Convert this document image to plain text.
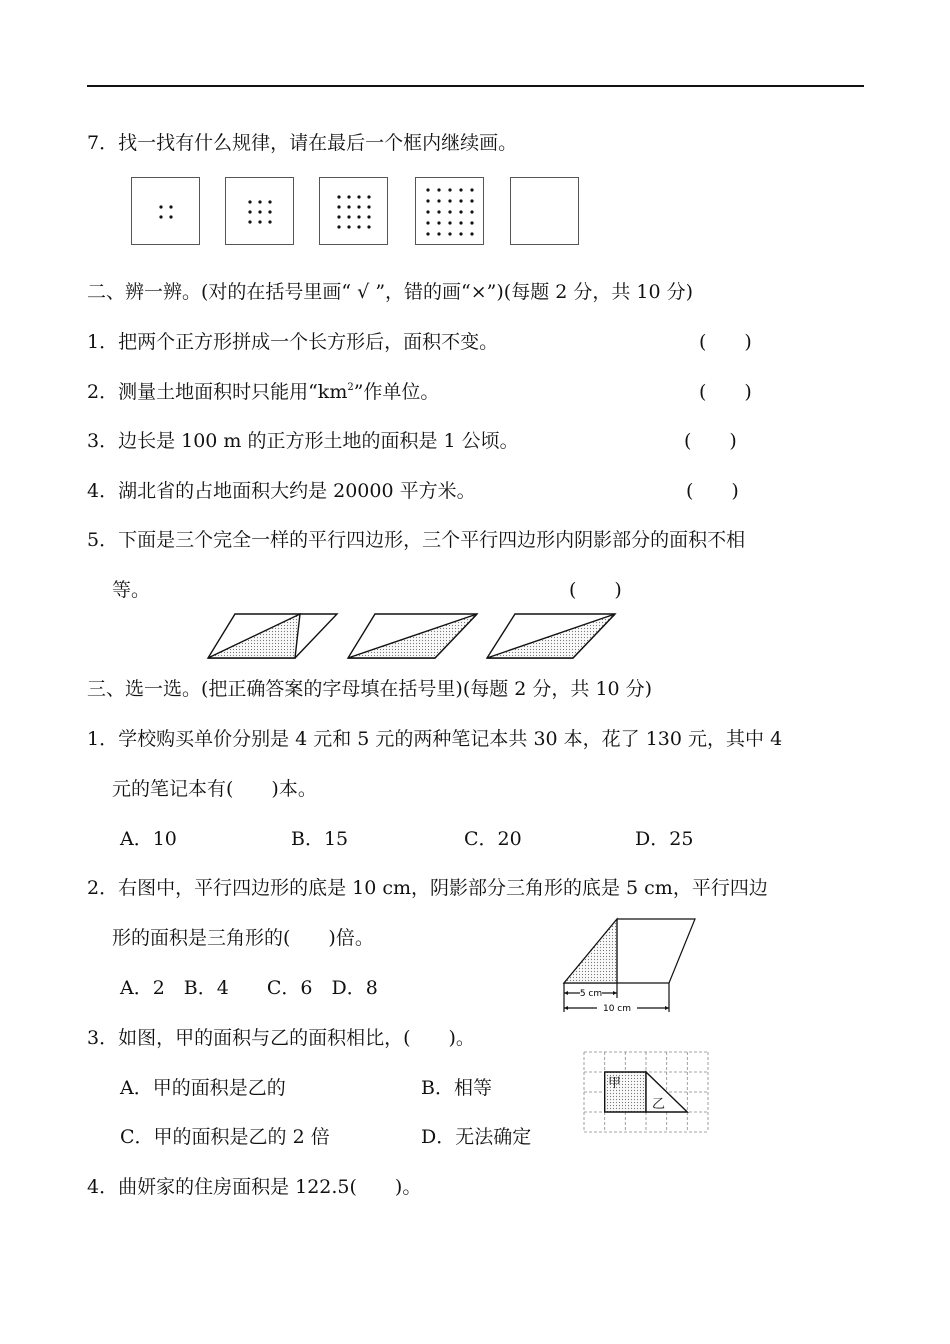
7．找一找有什么规律，请在最后一个框内继续画。
二、辨一辨。(对的在括号里画“ √ ”，错的画“×”)(每题 2 分，共 10 分)
1．把两个正方形拼成一个长方形后，面积不变。	(　　)
2．测量土地面积时只能用“$km^2$”作单位。	(　　)
3．边长是 100 m 的正方形土地的面积是 1 公顷。	(　　)
4．湖北省的占地面积大约是 20000 平方米。	(　　)
5．下面是三个完全一样的平行四边形，三个平行四边形内阴影部分的面积不相
等。	(　　)
三、选一选。(把正确答案的字母填在括号里)(每题 2 分，共 10 分)
1．学校购买单价分别是 4 元和 5 元的两种笔记本共 30 本，花了 130 元，其中 4
元的笔记本有(　　)本。
A．10	B．15	C．20	D．25
2．右图中，平行四边形的底是 10 cm，阴影部分三角形的底是 5 cm，平行四边
形的面积是三角形的(　　)倍。
A．2　B．4　　C．6　D．8	5 cm
10 cm
3．如图，甲的面积与乙的面积相比，(　　)。
A．甲的面积是乙的	B．相等
C．甲的面积是乙的 2 倍	D．无法确定
甲
乙
4．曲妍家的住房面积是 122.5(　　)。
